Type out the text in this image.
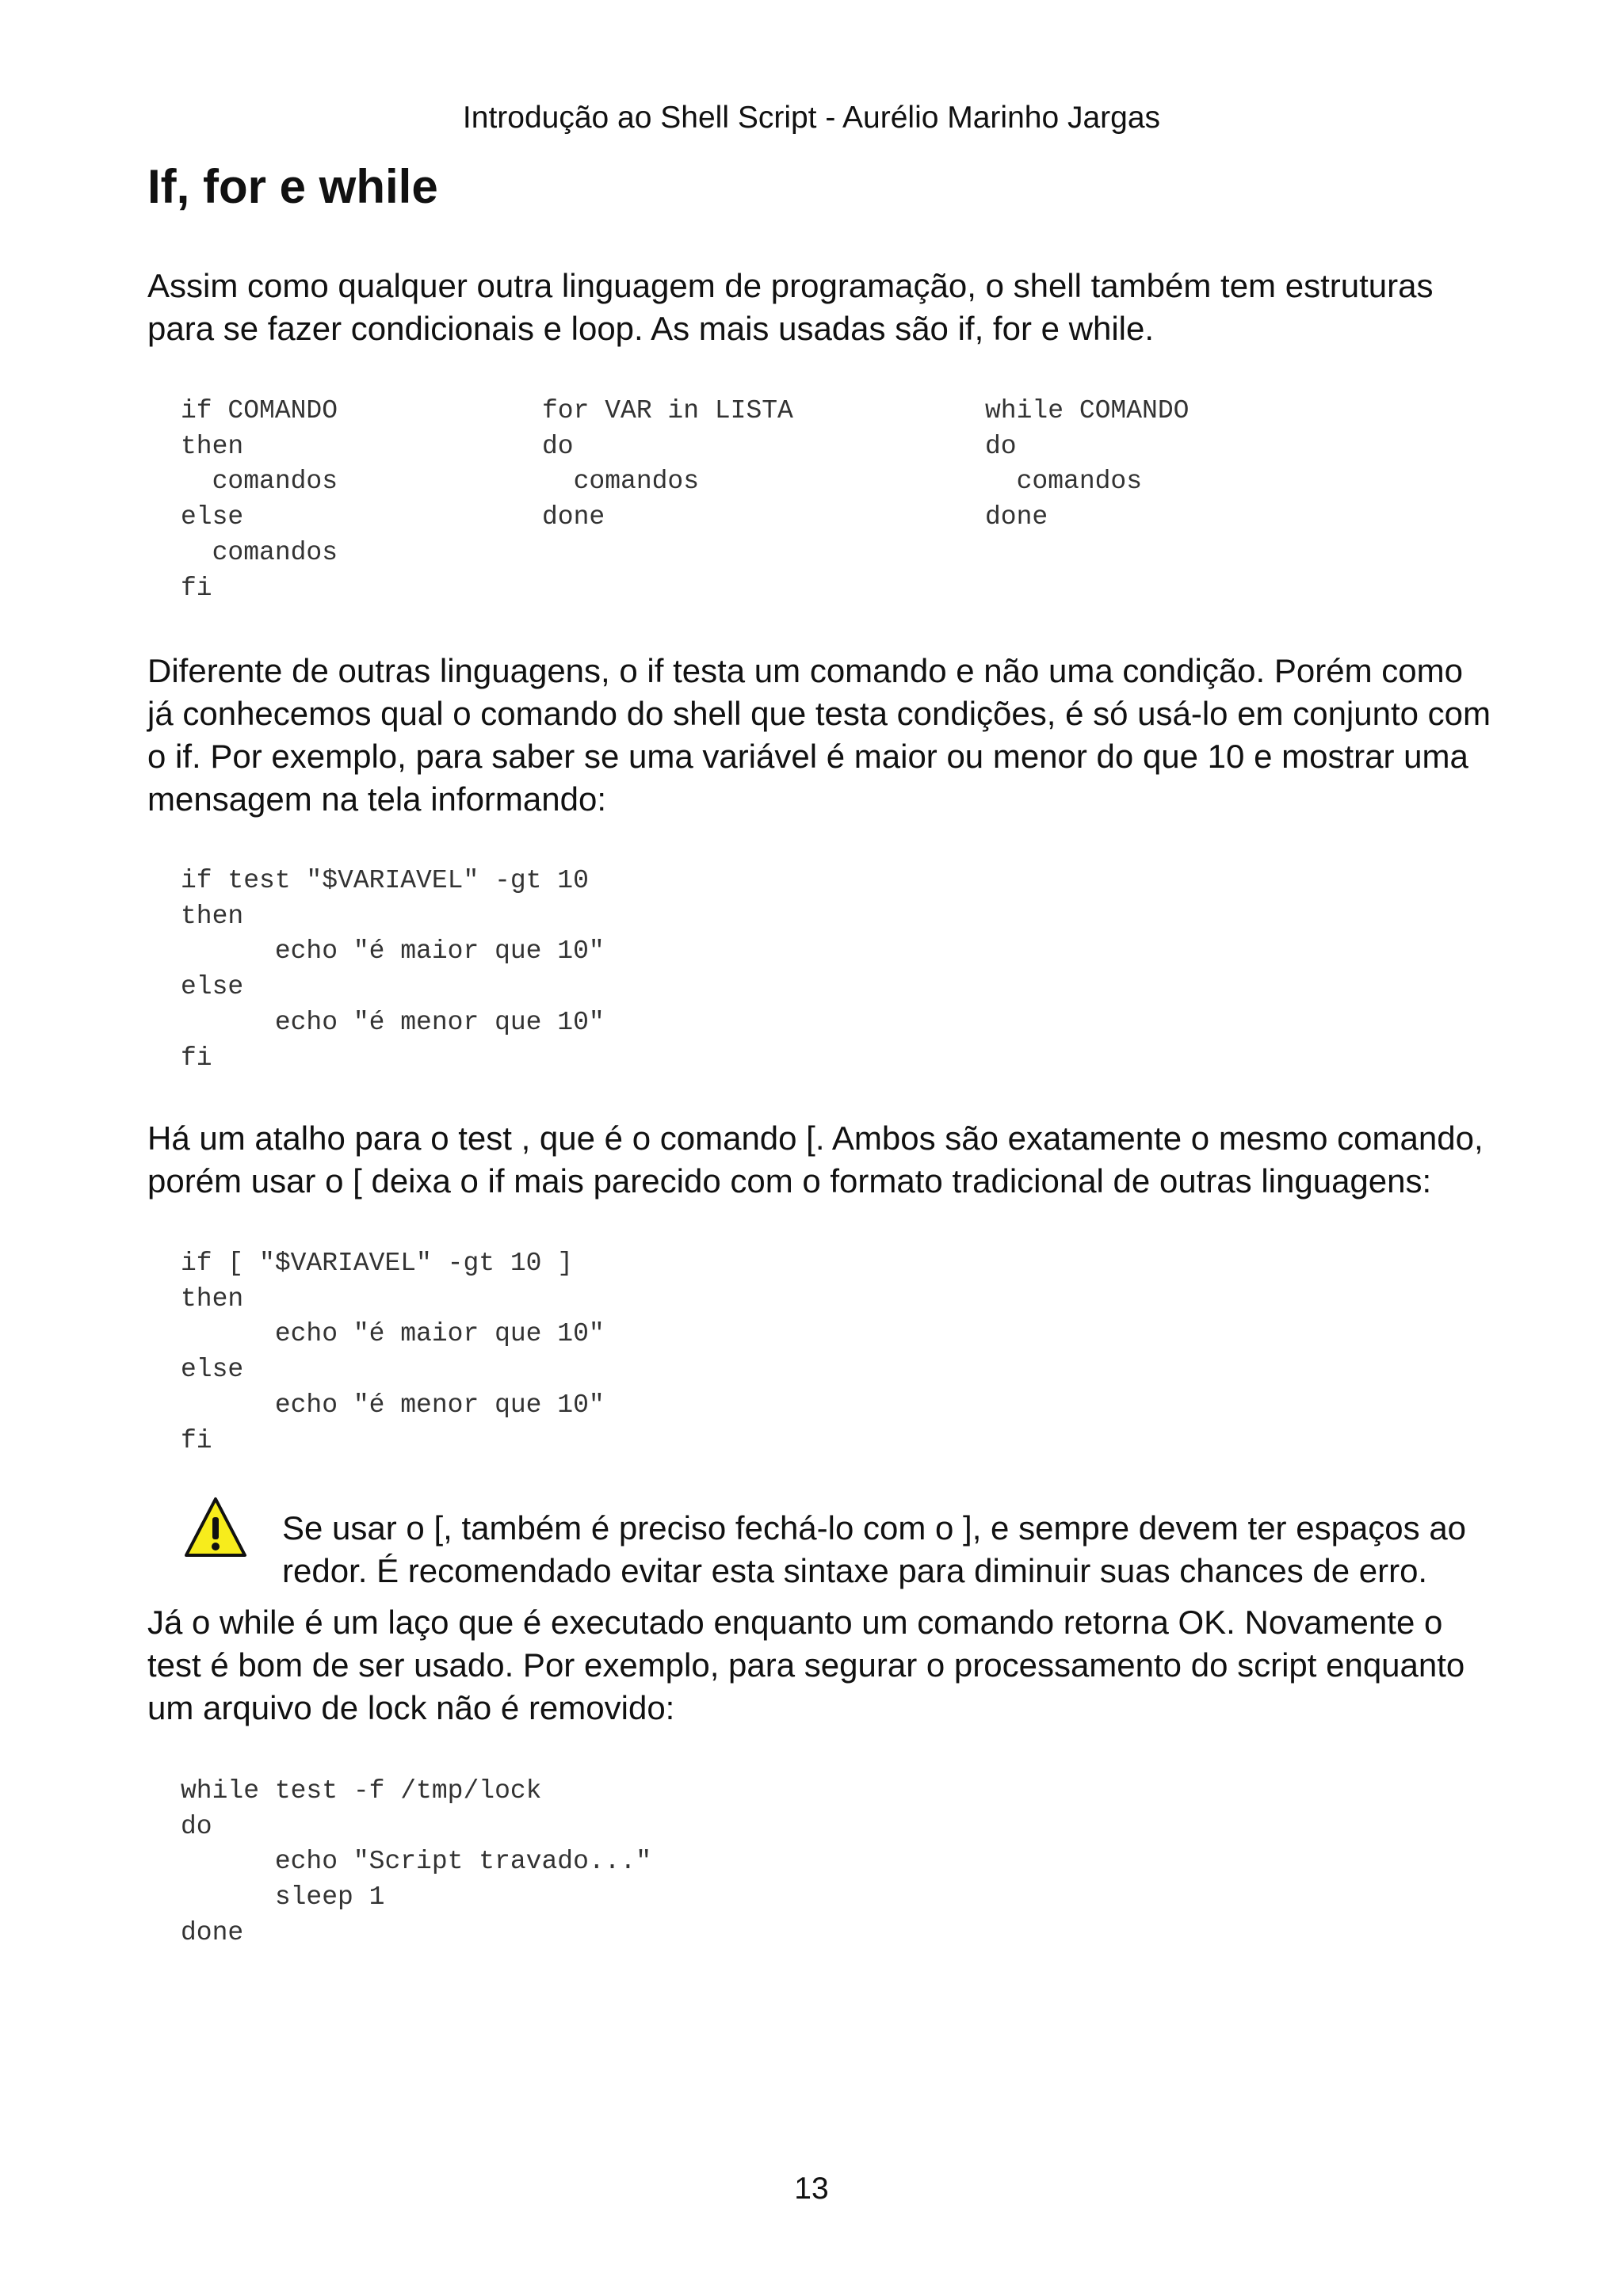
Introdução ao Shell Script - Aurélio Marinho Jargas
If, for e while

Assim como qualquer outra linguagem de programação, o shell também tem estruturas para se fazer condicionais e loop. As mais usadas são if, for e while.

if COMANDO
then
comandos
else
comandos
fi
for VAR in LISTA
do
comandos
done
while COMANDO
do
comandos
done

Diferente de outras linguagens, o if testa um comando e não uma condição. Porém como já conhecemos qual o comando do shell que testa condições, é só usá-lo em conjunto com o if. Por exemplo, para saber se uma variável é maior ou menor do que 10 e mostrar uma mensagem na tela informando:

if test "$VARIAVEL" -gt 10
then
echo "é maior que 10"
else
echo "é menor que 10"
fi

Há um atalho para o test , que é o comando [. Ambos são exatamente o mesmo comando, porém usar o [ deixa o if mais parecido com o formato tradicional de outras linguagens:

if [ "$VARIAVEL" -gt 10 ]
then
echo "é maior que 10"
else
echo "é menor que 10"
fi

Se usar o [, também é preciso fechá-lo com o ], e sempre devem ter espaços ao redor. É recomendado evitar esta sintaxe para diminuir suas chances de erro.

Já o while é um laço que é executado enquanto um comando retorna OK. Novamente o test é bom de ser usado. Por exemplo, para segurar o processamento do script enquanto um arquivo de lock não é removido:

while test -f /tmp/lock
do
echo "Script travado..."
sleep 1
done
13
